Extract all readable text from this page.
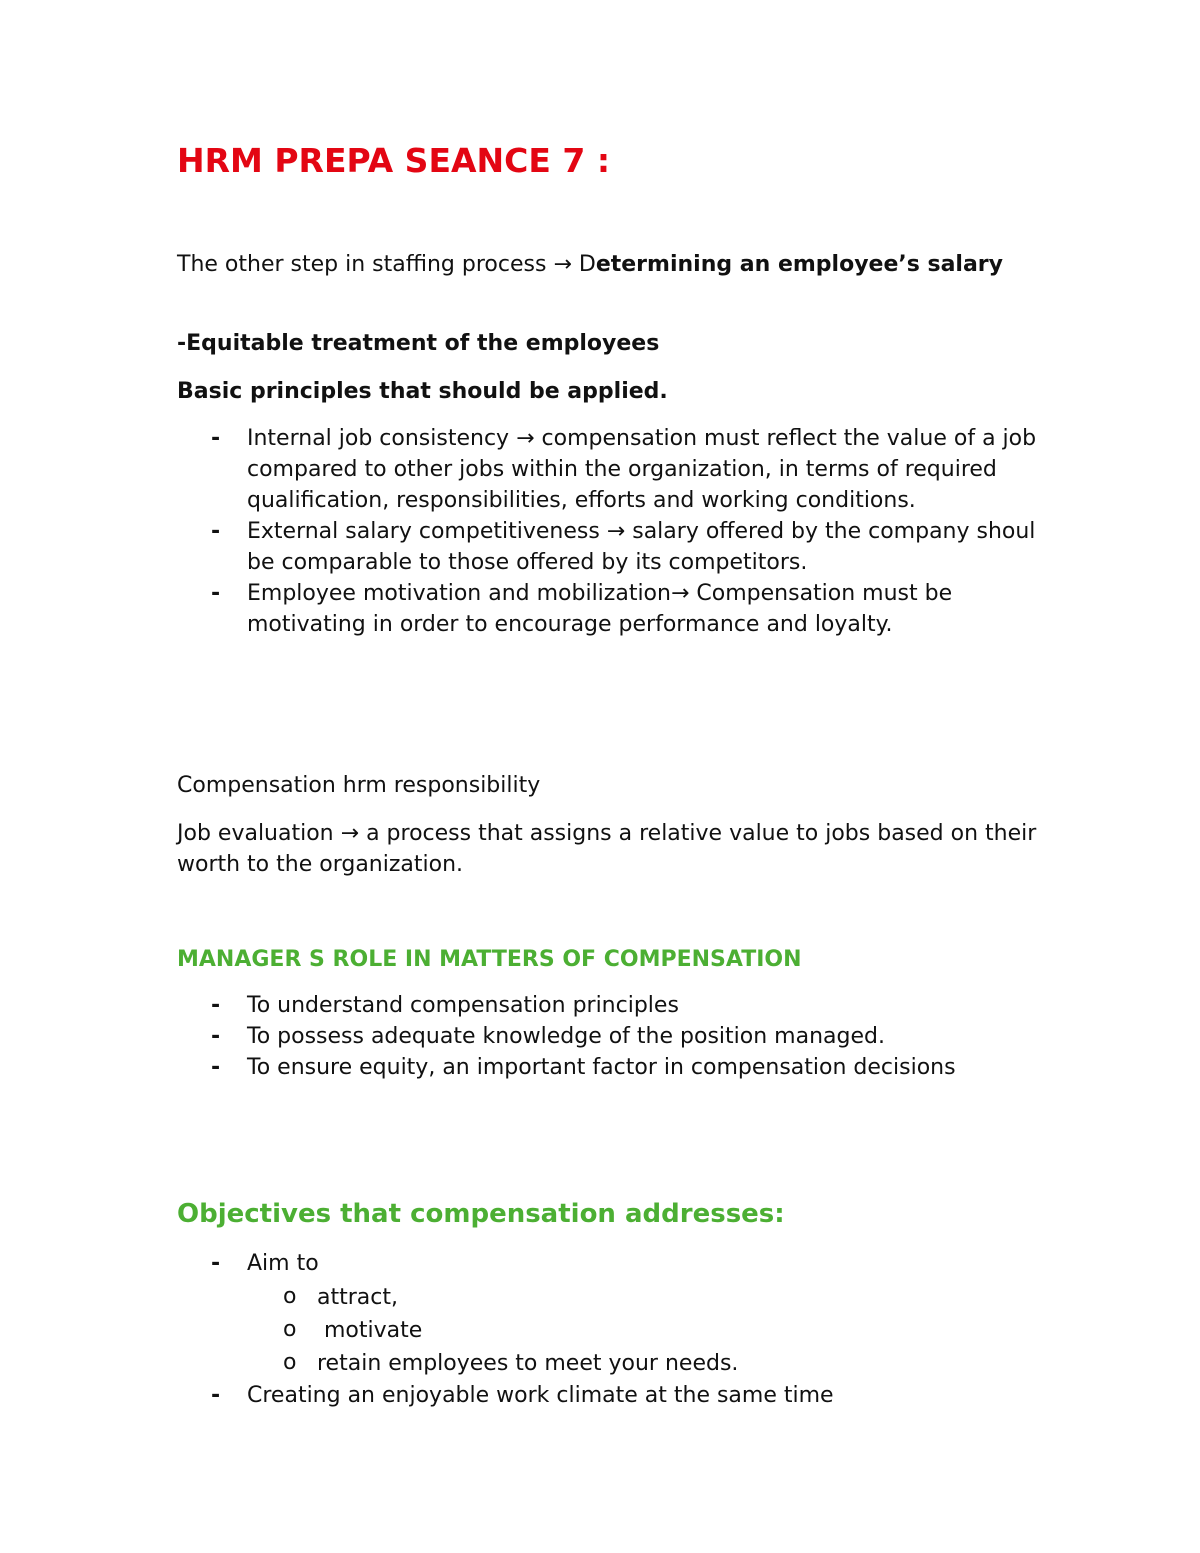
HRM PREPA SEANCE 7 :

The other step in staffing process → Determining an employee’s salary

-Equitable treatment of the employees

Basic principles that should be applied.

- Internal job consistency → compensation must reflect the value of a job compared to other jobs within the organization, in terms of required qualification, responsibilities, efforts and working conditions.
- External salary competitiveness → salary offered by the company shoul be comparable to those offered by its competitors.
- Employee motivation and mobilization→ Compensation must be motivating in order to encourage performance and loyalty.

Compensation hrm responsibility

Job evaluation → a process that assigns a relative value to jobs based on their worth to the organization.

MANAGER S ROLE IN MATTERS OF COMPENSATION
- To understand compensation principles
- To possess adequate knowledge of the position managed.
- To ensure equity, an important factor in compensation decisions
Objectives that compensation addresses:
- Aim to
o attract,
o  motivate
o retain employees to meet your needs.
- Creating an enjoyable work climate at the same time
